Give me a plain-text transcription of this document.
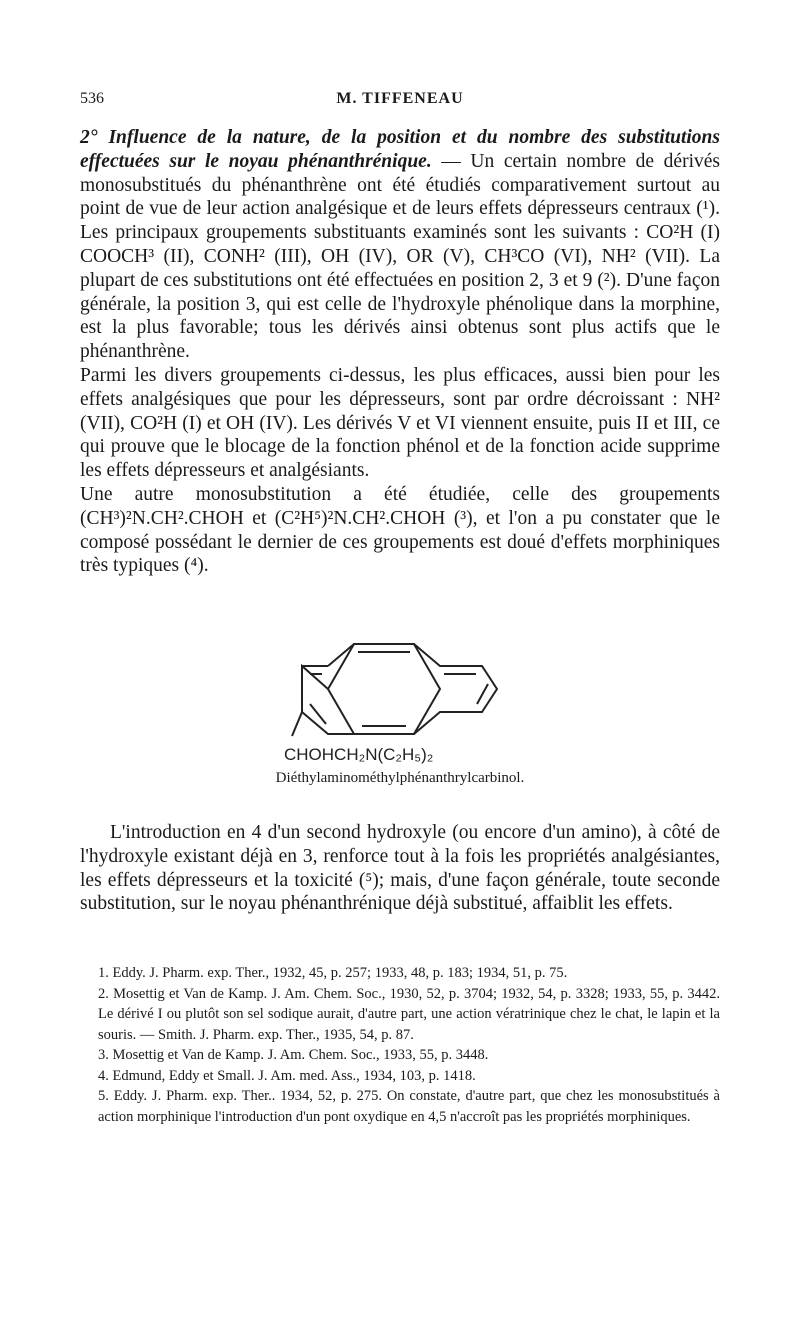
536	M. TIFFENEAU

2° Influence de la nature, de la position et du nombre des substitutions effectuées sur le noyau phénanthrénique. — Un certain nombre de dérivés monosubstitués du phénanthrène ont été étudiés comparativement surtout au point de vue de leur action analgésique et de leurs effets dépresseurs centraux (¹). Les principaux groupements substituants examinés sont les suivants : CO²H (I) COOCH³ (II), CONH² (III), OH (IV), OR (V), CH³CO (VI), NH² (VII). La plupart de ces substitutions ont été effectuées en position 2, 3 et 9 (²). D'une façon générale, la position 3, qui est celle de l'hydroxyle phénolique dans la morphine, est la plus favorable; tous les dérivés ainsi obtenus sont plus actifs que le phénanthrène.

Parmi les divers groupements ci-dessus, les plus efficaces, aussi bien pour les effets analgésiques que pour les dépresseurs, sont par ordre décroissant : NH² (VII), CO²H (I) et OH (IV). Les dérivés V et VI viennent ensuite, puis II et III, ce qui prouve que le blocage de la fonction phénol et de la fonction acide supprime les effets dépresseurs et analgésiants.

Une autre monosubstitution a été étudiée, celle des groupements (CH³)²N.CH².CHOH et (C²H⁵)²N.CH².CHOH (³), et l'on a pu constater que le composé possédant le dernier de ces groupements est doué d'effets morphiniques très typiques (⁴).

CHOHCH₂N(C₂H₅)₂
Diéthylaminométhylphénanthrylcarbinol.

L'introduction en 4 d'un second hydroxyle (ou encore d'un amino), à côté de l'hydroxyle existant déjà en 3, renforce tout à la fois les propriétés analgésiantes, les effets dépresseurs et la toxicité (⁵); mais, d'une façon générale, toute seconde substitution, sur le noyau phénanthrénique déjà substitué, affaiblit les effets.

1. Eddy. J. Pharm. exp. Ther., 1932, 45, p. 257; 1933, 48, p. 183; 1934, 51, p. 75.

2. Mosettig et Van de Kamp. J. Am. Chem. Soc., 1930, 52, p. 3704; 1932, 54, p. 3328; 1933, 55, p. 3442. Le dérivé I ou plutôt son sel sodique aurait, d'autre part, une action vératrinique chez le chat, le lapin et la souris. — Smith. J. Pharm. exp. Ther., 1935, 54, p. 87.

3. Mosettig et Van de Kamp. J. Am. Chem. Soc., 1933, 55, p. 3448.

4. Edmund, Eddy et Small. J. Am. med. Ass., 1934, 103, p. 1418.

5. Eddy. J. Pharm. exp. Ther.. 1934, 52, p. 275. On constate, d'autre part, que chez les monosubstitués à action morphinique l'introduction d'un pont oxydique en 4,5 n'accroît pas les propriétés morphiniques.
